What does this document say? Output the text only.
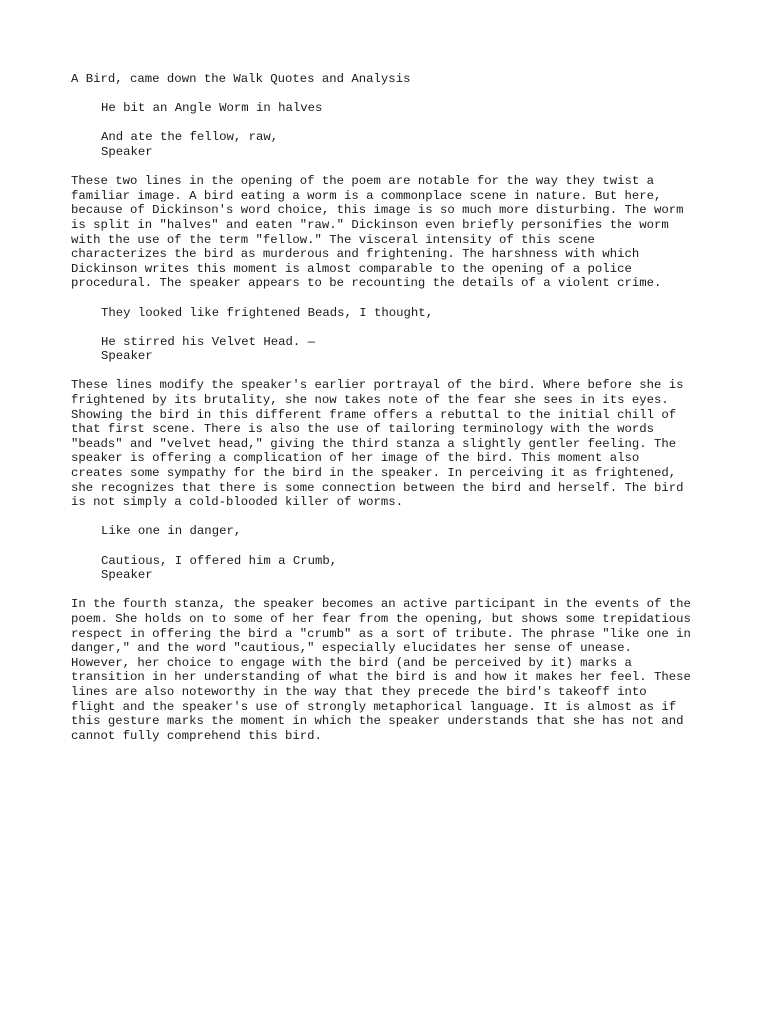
A Bird, came down the Walk Quotes and Analysis
He bit an Angle Worm in halves
And ate the fellow, raw,
Speaker
These two lines in the opening of the poem are notable for the way they twist a familiar image. A bird eating a worm is a commonplace scene in nature. But here, because of Dickinson's word choice, this image is so much more disturbing. The worm is split in "halves" and eaten "raw." Dickinson even briefly personifies the worm with the use of the term "fellow." The visceral intensity of this scene characterizes the bird as murderous and frightening. The harshness with which Dickinson writes this moment is almost comparable to the opening of a police procedural. The speaker appears to be recounting the details of a violent crime.
They looked like frightened Beads, I thought,
He stirred his Velvet Head. —
Speaker
These lines modify the speaker's earlier portrayal of the bird. Where before she is frightened by its brutality, she now takes note of the fear she sees in its eyes. Showing the bird in this different frame offers a rebuttal to the initial chill of that first scene. There is also the use of tailoring terminology with the words "beads" and "velvet head," giving the third stanza a slightly gentler feeling. The speaker is offering a complication of her image of the bird. This moment also creates some sympathy for the bird in the speaker. In perceiving it as frightened, she recognizes that there is some connection between the bird and herself. The bird is not simply a cold-blooded killer of worms.
Like one in danger,
Cautious, I offered him a Crumb,
Speaker
In the fourth stanza, the speaker becomes an active participant in the events of the poem. She holds on to some of her fear from the opening, but shows some trepidatious respect in offering the bird a "crumb" as a sort of tribute. The phrase "like one in danger," and the word "cautious," especially elucidates her sense of unease. However, her choice to engage with the bird (and be perceived by it) marks a transition in her understanding of what the bird is and how it makes her feel. These lines are also noteworthy in the way that they precede the bird's takeoff into flight and the speaker's use of strongly metaphorical language. It is almost as if this gesture marks the moment in which the speaker understands that she has not and cannot fully comprehend this bird.
